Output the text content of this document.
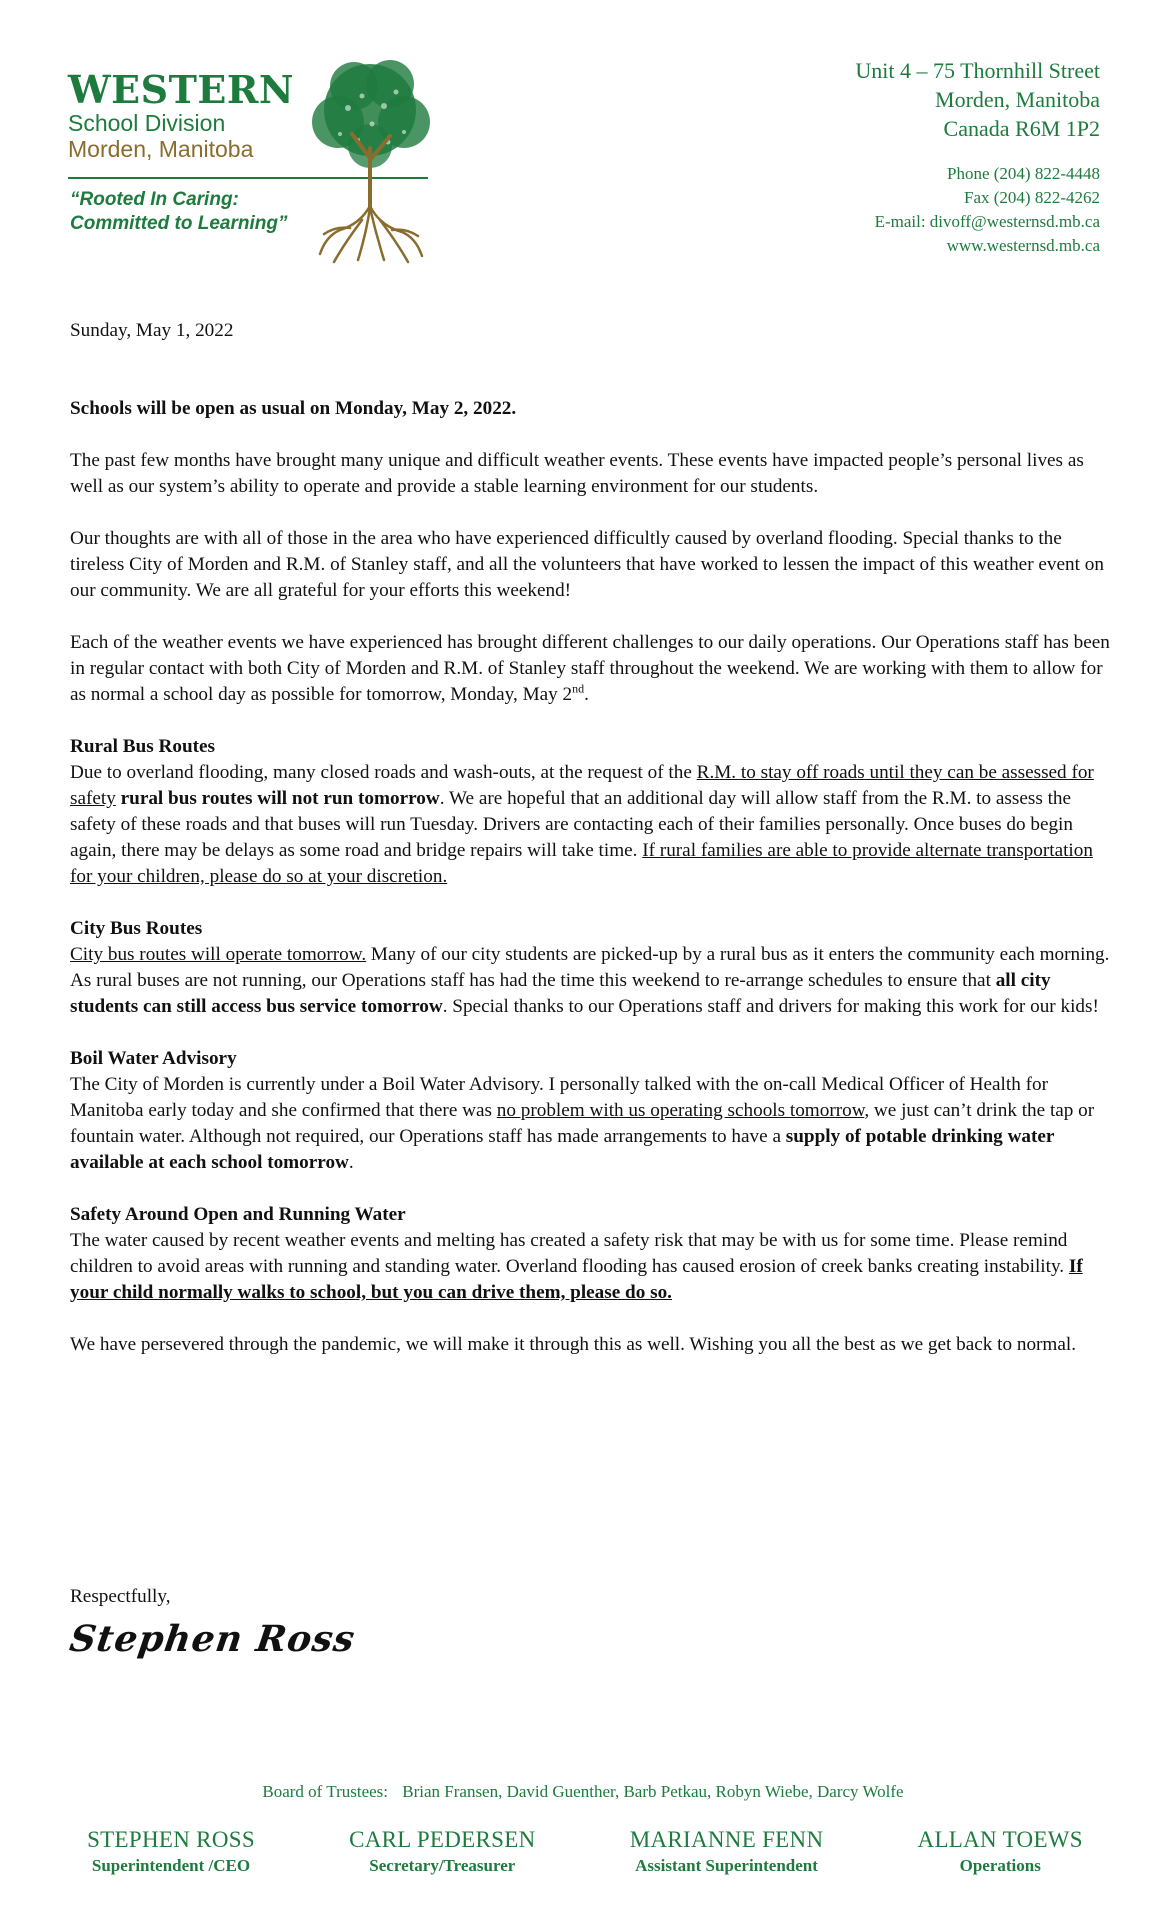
WESTERN
School Division
Morden, Manitoba
“Rooted In Caring:
Committed to Learning”
Unit 4 – 75 Thornhill Street
Morden, Manitoba
Canada R6M 1P2
Phone (204) 822-4448
Fax (204) 822-4262
E-mail: divoff@westernsd.mb.ca
www.westernsd.mb.ca

Sunday, May 1, 2022

Schools will be open as usual on Monday, May 2, 2022.

The past few months have brought many unique and difficult weather events. These events have impacted people’s personal lives as well as our system’s ability to operate and provide a stable learning environment for our students.

Our thoughts are with all of those in the area who have experienced difficultly caused by overland flooding. Special thanks to the tireless City of Morden and R.M. of Stanley staff, and all the volunteers that have worked to lessen the impact of this weather event on our community. We are all grateful for your efforts this weekend!

Each of the weather events we have experienced has brought different challenges to our daily operations. Our Operations staff has been in regular contact with both City of Morden and R.M. of Stanley staff throughout the weekend. We are working with them to allow for as normal a school day as possible for tomorrow, Monday, May 2nd.

Rural Bus Routes
Due to overland flooding, many closed roads and wash-outs, at the request of the R.M. to stay off roads until they can be assessed for safety rural bus routes will not run tomorrow. We are hopeful that an additional day will allow staff from the R.M. to assess the safety of these roads and that buses will run Tuesday. Drivers are contacting each of their families personally. Once buses do begin again, there may be delays as some road and bridge repairs will take time. If rural families are able to provide alternate transportation for your children, please do so at your discretion.

City Bus Routes
City bus routes will operate tomorrow. Many of our city students are picked-up by a rural bus as it enters the community each morning. As rural buses are not running, our Operations staff has had the time this weekend to re-arrange schedules to ensure that all city students can still access bus service tomorrow. Special thanks to our Operations staff and drivers for making this work for our kids!

Boil Water Advisory
The City of Morden is currently under a Boil Water Advisory. I personally talked with the on-call Medical Officer of Health for Manitoba early today and she confirmed that there was no problem with us operating schools tomorrow, we just can’t drink the tap or fountain water. Although not required, our Operations staff has made arrangements to have a supply of potable drinking water available at each school tomorrow.

Safety Around Open and Running Water
The water caused by recent weather events and melting has created a safety risk that may be with us for some time. Please remind children to avoid areas with running and standing water. Overland flooding has caused erosion of creek banks creating instability. If your child normally walks to school, but you can drive them, please do so.

We have persevered through the pandemic, we will make it through this as well. Wishing you all the best as we get back to normal.

Respectfully,
Stephen Ross
Board of Trustees: Brian Fransen, David Guenther, Barb Petkau, Robyn Wiebe, Darcy Wolfe
STEPHEN ROSS
Superintendent /CEO
CARL PEDERSEN
Secretary/Treasurer
MARIANNE FENN
Assistant Superintendent
ALLAN TOEWS
Operations
